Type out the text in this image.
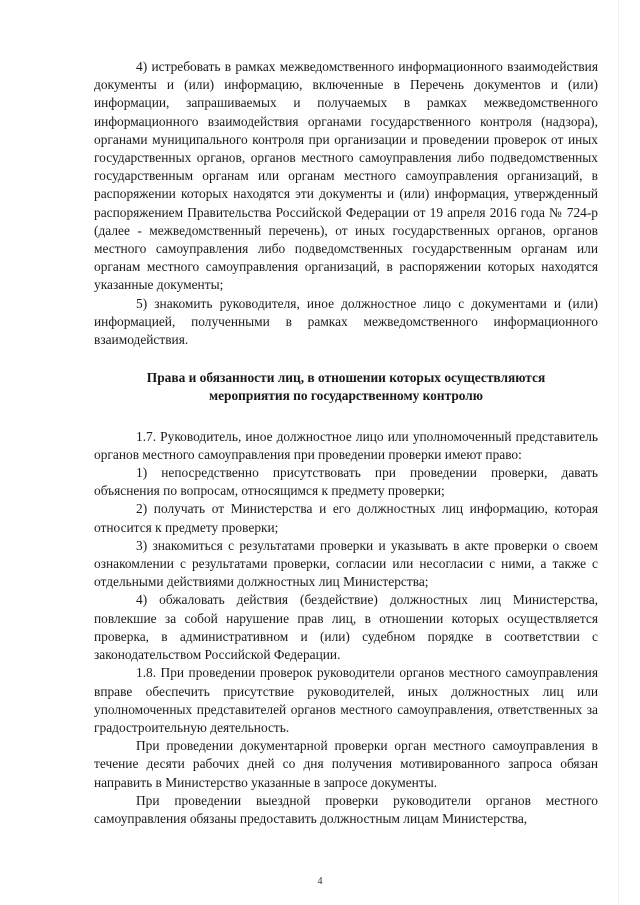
4) истребовать в рамках межведомственного информационного взаимодействия документы и (или) информацию, включенные в Перечень документов и (или) информации, запрашиваемых и получаемых в рамках межведомственного информационного взаимодействия органами государственного контроля (надзора), органами муниципального контроля при организации и проведении проверок от иных государственных органов, органов местного самоуправления либо подведомственных государственным органам или органам местного самоуправления организаций, в распоряжении которых находятся эти документы и (или) информация, утвержденный распоряжением Правительства Российской Федерации от 19 апреля 2016 года № 724-р (далее - межведомственный перечень), от иных государственных органов, органов местного самоуправления либо подведомственных государственным органам или органам местного самоуправления организаций, в распоряжении которых находятся указанные документы;

5) знакомить руководителя, иное должностное лицо с документами и (или) информацией, полученными в рамках межведомственного информационного взаимодействия.

Права и обязанности лиц, в отношении которых осуществляются мероприятия по государственному контролю

1.7. Руководитель, иное должностное лицо или уполномоченный представитель органов местного самоуправления при проведении проверки имеют право:

1) непосредственно присутствовать при проведении проверки, давать объяснения по вопросам, относящимся к предмету проверки;

2) получать от Министерства и его должностных лиц информацию, которая относится к предмету проверки;

3) знакомиться с результатами проверки и указывать в акте проверки о своем ознакомлении с результатами проверки, согласии или несогласии с ними, а также с отдельными действиями должностных лиц Министерства;

4) обжаловать действия (бездействие) должностных лиц Министерства, повлекшие за собой нарушение прав лиц, в отношении которых осуществляется проверка, в административном и (или) судебном порядке в соответствии с законодательством Российской Федерации.

1.8. При проведении проверок руководители органов местного самоуправления вправе обеспечить присутствие руководителей, иных должностных лиц или уполномоченных представителей органов местного самоуправления, ответственных за градостроительную деятельность.

При проведении документарной проверки орган местного самоуправления в течение десяти рабочих дней со дня получения мотивированного запроса обязан направить в Министерство указанные в запросе документы.

При проведении выездной проверки руководители органов местного самоуправления обязаны предоставить должностным лицам Министерства,

4
